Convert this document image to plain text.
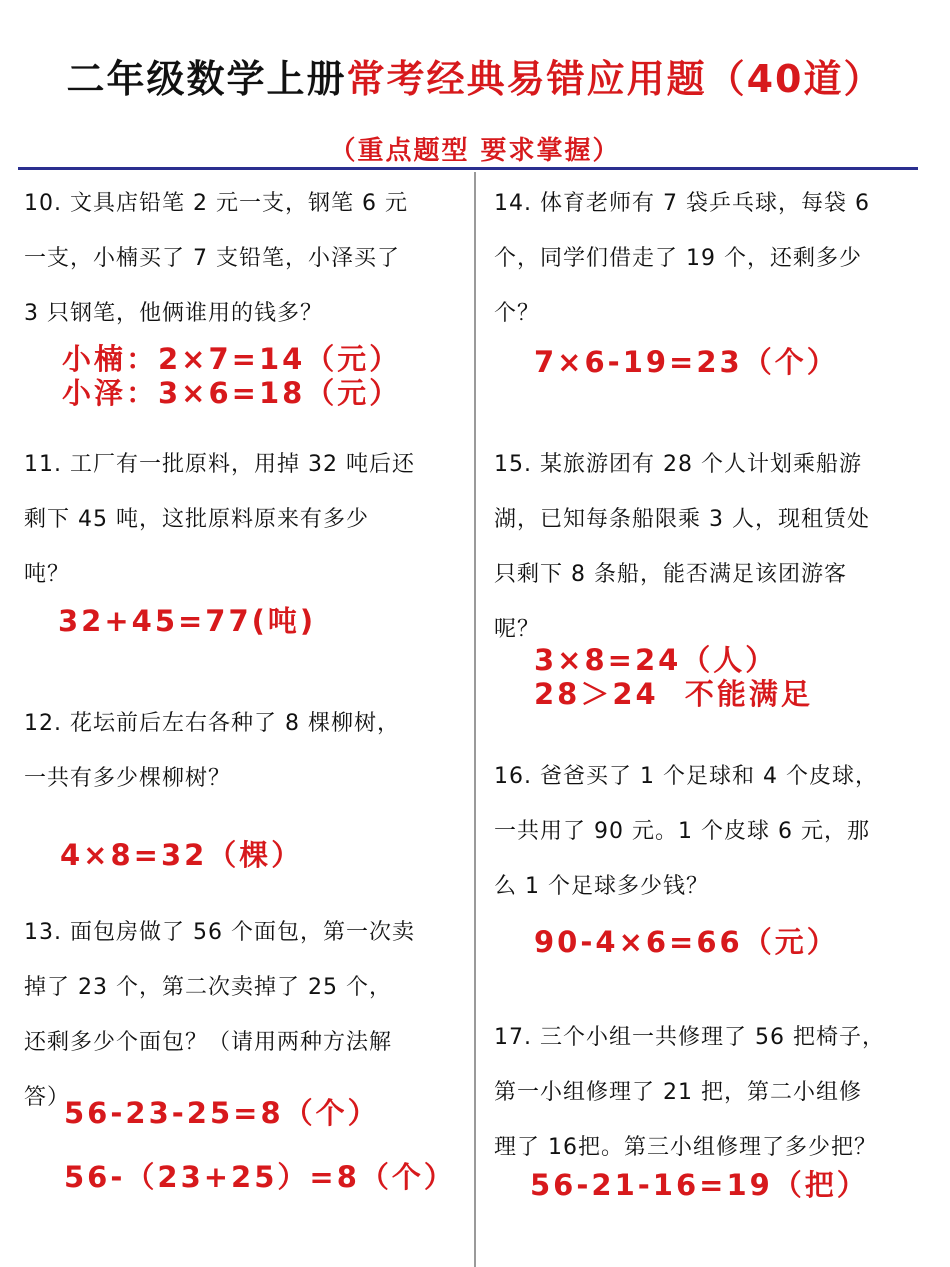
二年级数学上册常考经典易错应用题（40道）
（重点题型 要求掌握）
10. 文具店铅笔 2 元一支，钢笔 6 元
一支，小楠买了 7 支铅笔，小泽买了
3 只钢笔，他俩谁用的钱多？
小楠：2×7=14（元）
小泽：3×6=18（元）
11. 工厂有一批原料，用掉 32 吨后还
剩下 45 吨，这批原料原来有多少
吨？
32+45=77(吨)
12. 花坛前后左右各种了 8 棵柳树，
一共有多少棵柳树？
4×8=32（棵）
13. 面包房做了 56 个面包，第一次卖
掉了 23 个，第二次卖掉了 25 个，
还剩多少个面包？（请用两种方法解
答）
56-23-25=8（个）
56-（23+25）=8（个）
14. 体育老师有 7 袋乒乓球，每袋 6
个，同学们借走了 19 个，还剩多少
个？
7×6-19=23（个）
15. 某旅游团有 28 个人计划乘船游
湖，已知每条船限乘 3 人，现租赁处
只剩下 8 条船，能否满足该团游客
呢？
3×8=24（人）
28＞24  不能满足
16. 爸爸买了 1 个足球和 4 个皮球，
一共用了 90 元。1 个皮球 6 元，那
么 1 个足球多少钱？
90-4×6=66（元）
17. 三个小组一共修理了 56 把椅子，
第一小组修理了 21 把，第二小组修
理了 16把。第三小组修理了多少把？
56-21-16=19（把）
